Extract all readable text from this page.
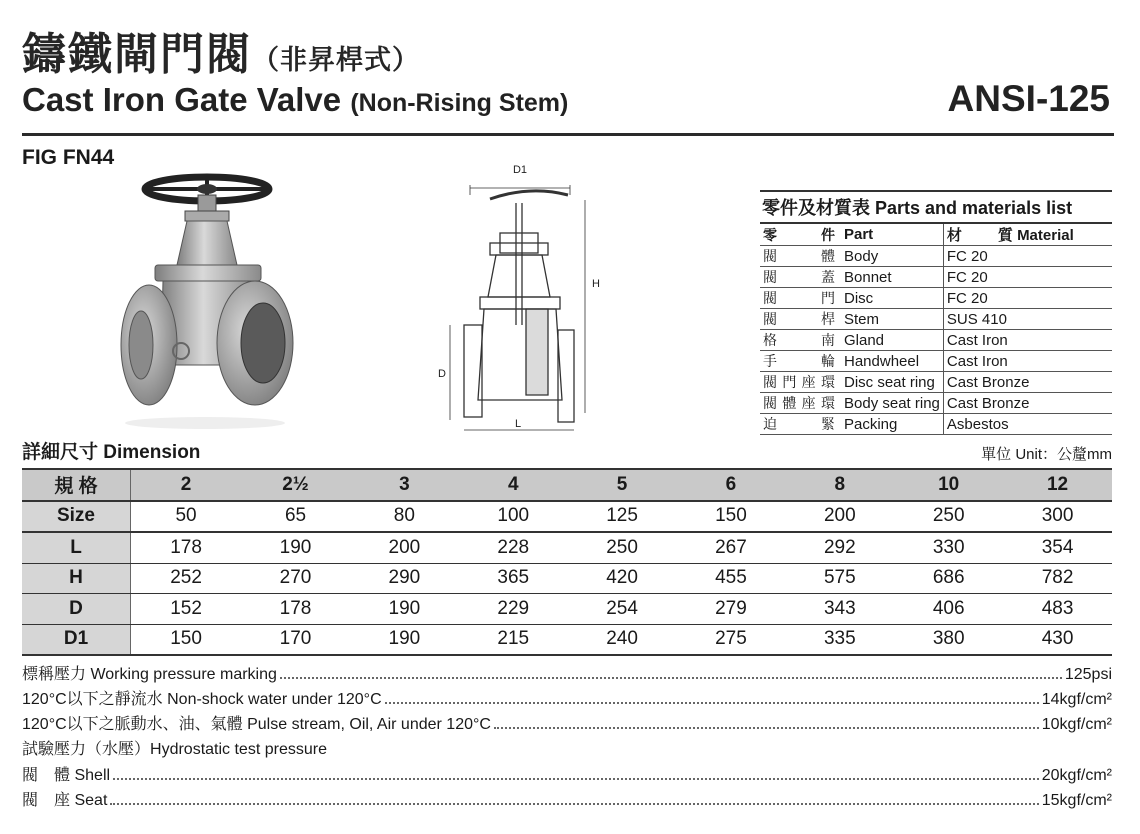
鑄鐵閘門閥（非昇桿式）
Cast Iron Gate Valve (Non-Rising Stem)	ANSI-125
FIG FN44
D1
H
D
L
零件及材質表 Parts and materials list		
零件	Part	材質 Material
閥體	Body	FC 20
閥蓋	Bonnet	FC 20
閥門	Disc	FC 20
閥桿	Stem	SUS 410
格南	Gland	Cast Iron
手輪	Handwheel	Cast Iron
閥門座環	Disc seat ring	Cast Bronze
閥體座環	Body seat ring	Cast Bronze
迫緊	Packing	Asbestos
詳細尺寸 Dimension	單位 Unit：公釐mm
規 格	2	2½	3	4	5	6	8	10	12
Size	50	65	80	100	125	150	200	250	300
L	178	190	200	228	250	267	292	330	354
H	252	270	290	365	420	455	575	686	782
D	152	178	190	229	254	279	343	406	483
D1	150	170	190	215	240	275	335	380	430
標稱壓力 Working pressure marking	125psi
120°C以下之靜流水 Non-shock water under 120°C	14kgf/cm²
120°C以下之脈動水、油、氣體 Pulse stream, Oil, Air under 120°C	10kgf/cm²
試驗壓力（水壓）Hydrostatic test pressure
閥　體 Shell	20kgf/cm²
閥　座 Seat	15kgf/cm²
